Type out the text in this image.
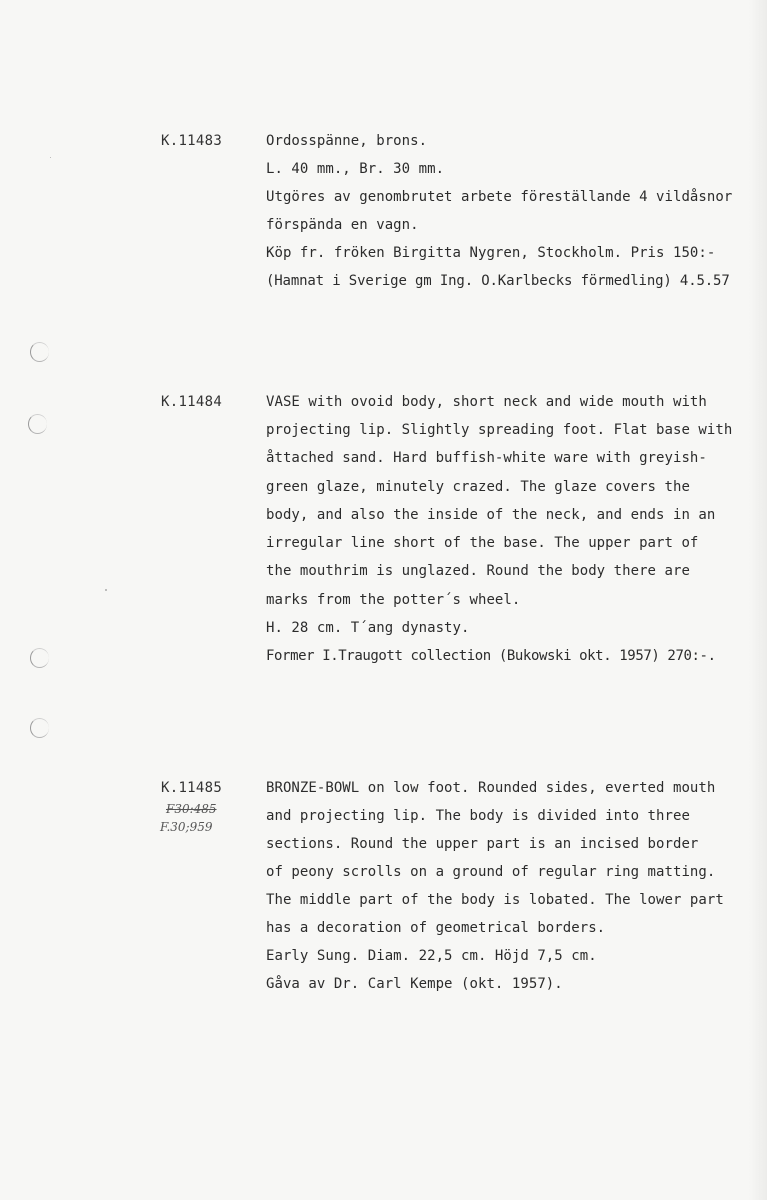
K.11483	Ordosspänne, brons.
L. 40 mm., Br. 30 mm.
Utgöres av genombrutet arbete föreställande 4 vildåsnor
förspända en vagn.
Köp fr. fröken Birgitta Nygren, Stockholm. Pris 150:-
(Hamnat i Sverige gm Ing. O.Karlbecks förmedling) 4.5.57
K.11484	VASE with ovoid body, short neck and wide mouth with
projecting lip. Slightly spreading foot. Flat base with
åttached sand. Hard buffish-white ware with greyish-
green glaze, minutely crazed. The glaze covers the
body, and also the inside of the neck, and ends in an
irregular line short of the base. The upper part of
the mouthrim is unglazed. Round the body there are
marks from the potter´s wheel.
H. 28 cm. T´ang dynasty.
Former I.Traugott collection (Bukowski okt. 1957) 270:-.
K.11485
F30:485
F.30;959
BRONZE-BOWL on low foot. Rounded sides, everted mouth
and projecting lip. The body is divided into three
sections. Round the upper part is an incised border
of peony scrolls on a ground of regular ring matting.
The middle part of the body is lobated. The lower part
has a decoration of geometrical borders.
Early Sung. Diam. 22,5 cm. Höjd 7,5 cm.
Gåva av Dr. Carl Kempe (okt. 1957).
